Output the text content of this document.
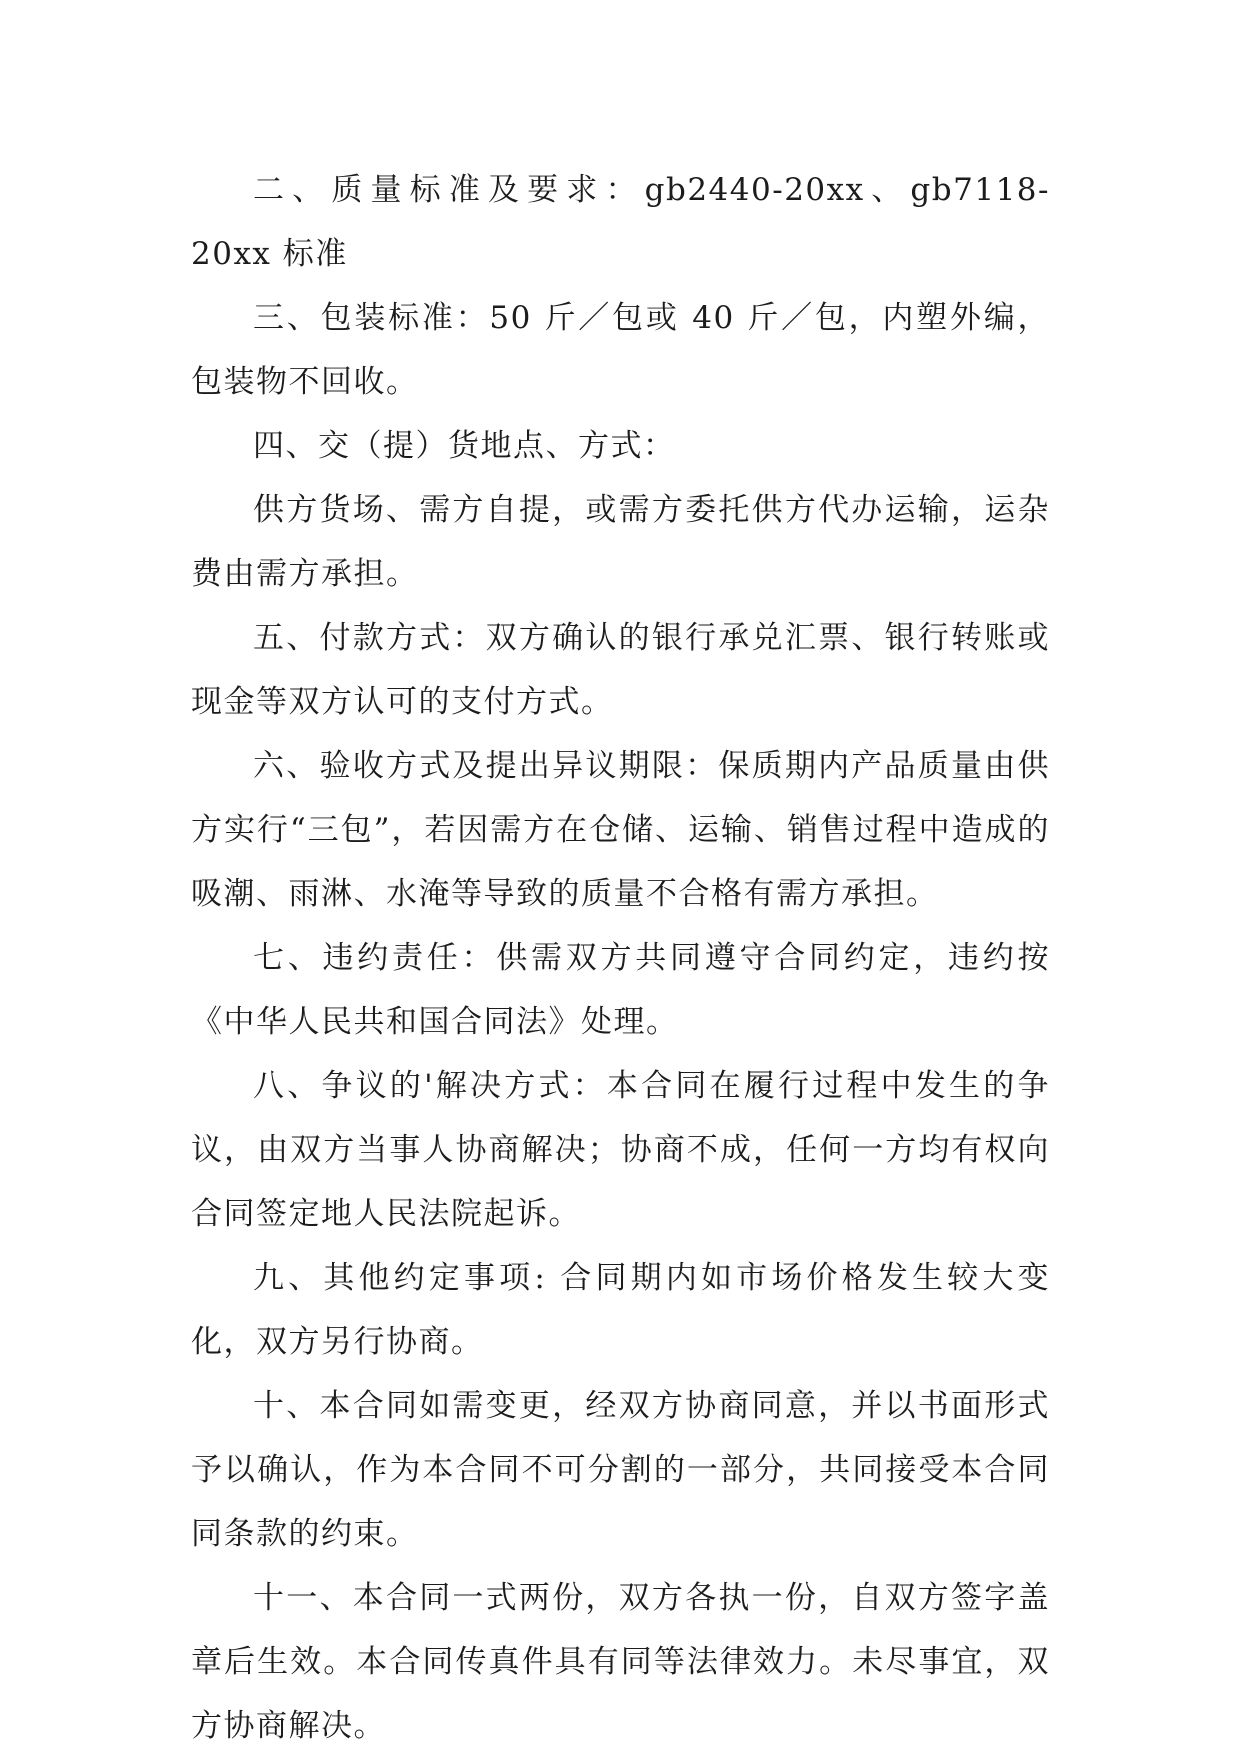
二、质量标准及要求：gb2440-20xx、gb7118-20xx 标准

三、包装标准：50 斤／包或 40 斤／包，内塑外编，包装物不回收。

四、交（提）货地点、方式：

供方货场、需方自提，或需方委托供方代办运输，运杂费由需方承担。

五、付款方式：双方确认的银行承兑汇票、银行转账或现金等双方认可的支付方式。

六、验收方式及提出异议期限：保质期内产品质量由供方实行“三包”，若因需方在仓储、运输、销售过程中造成的吸潮、雨淋、水淹等导致的质量不合格有需方承担。

七、违约责任：供需双方共同遵守合同约定，违约按《中华人民共和国合同法》处理。

八、争议的'解决方式：本合同在履行过程中发生的争议，由双方当事人协商解决；协商不成，任何一方均有权向合同签定地人民法院起诉。

九、其他约定事项: 合同期内如市场价格发生较大变化，双方另行协商。

十、本合同如需变更，经双方协商同意，并以书面形式予以确认，作为本合同不可分割的一部分，共同接受本合同同条款的约束。

十一、本合同一式两份，双方各执一份，自双方签字盖章后生效。本合同传真件具有同等法律效力。未尽事宜，双方协商解决。
